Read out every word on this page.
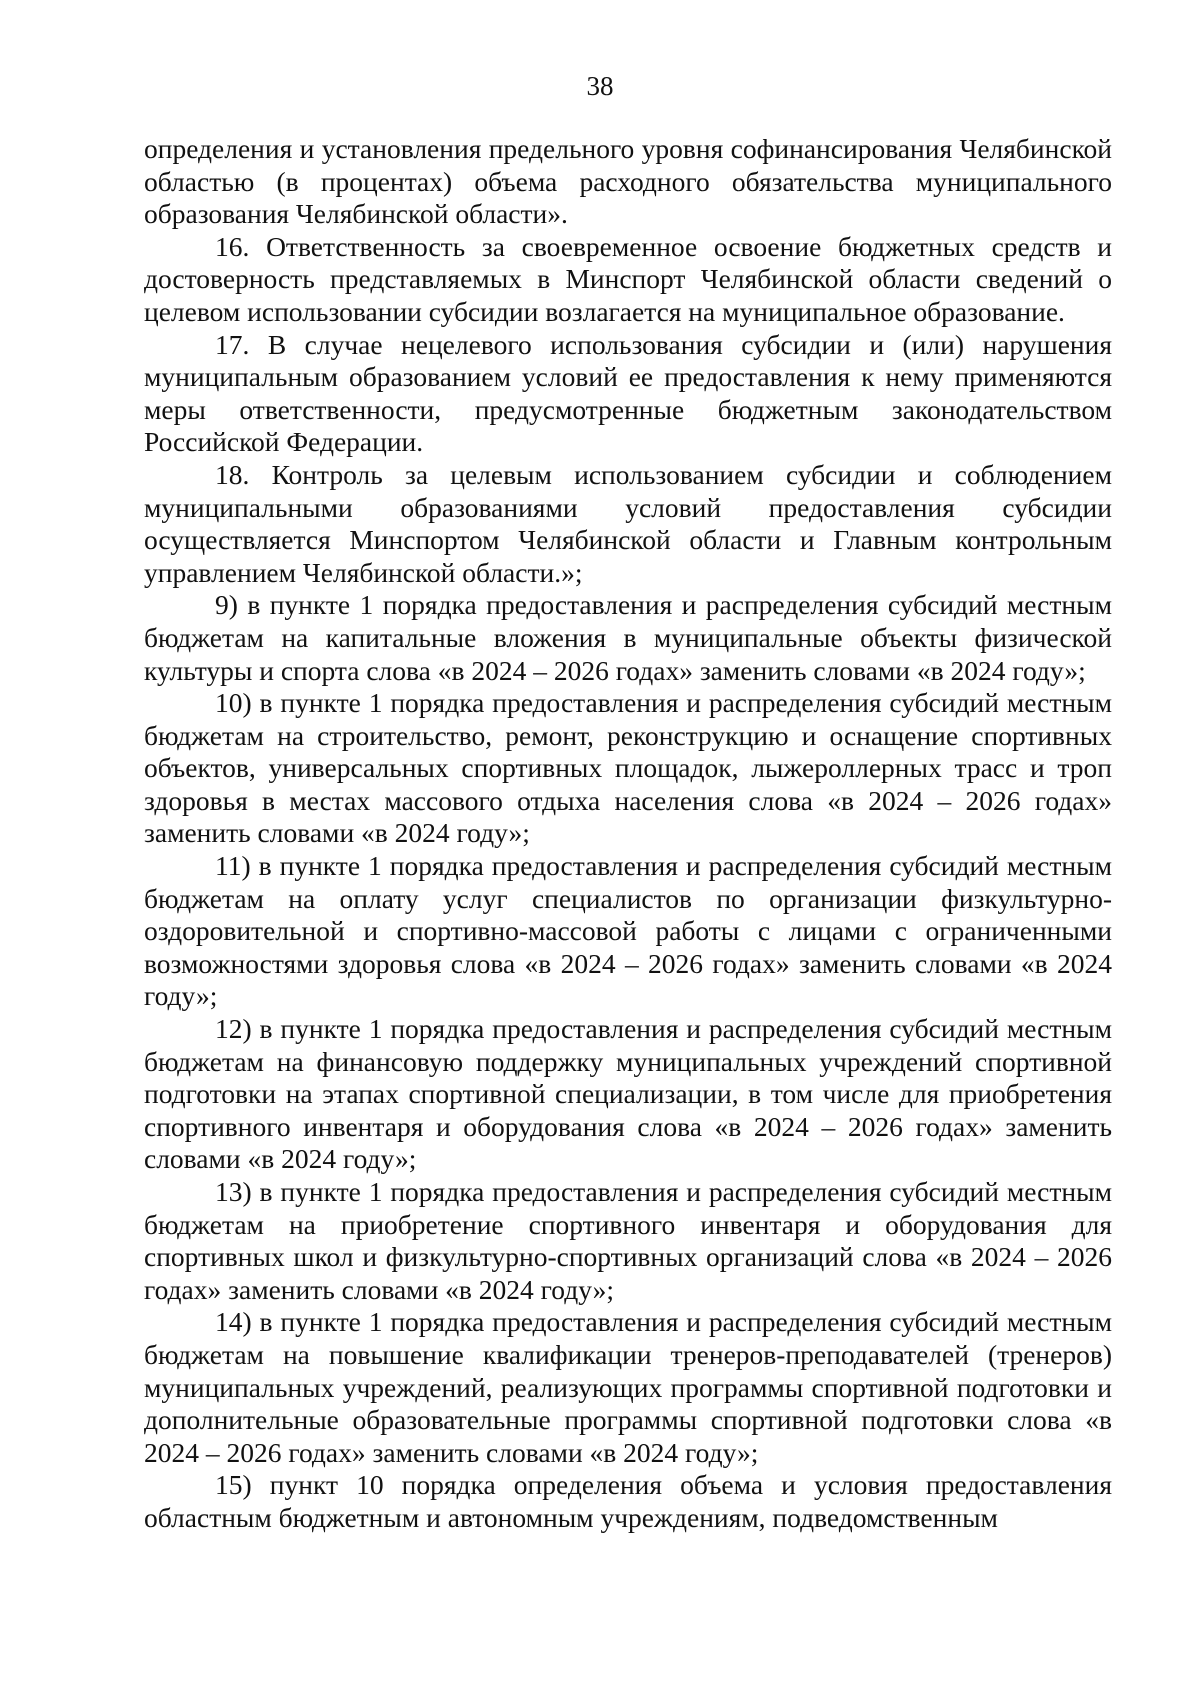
38

определения и установления предельного уровня софинансирования Челябинской областью (в процентах) объема расходного обязательства муниципального образования Челябинской области».

16. Ответственность за своевременное освоение бюджетных средств и достоверность представляемых в Минспорт Челябинской области сведений о целевом использовании субсидии возлагается на муниципальное образование.

17. В случае нецелевого использования субсидии и (или) нарушения муниципальным образованием условий ее предоставления к нему применяются меры ответственности, предусмотренные бюджетным законодательством Российской Федерации.

18. Контроль за целевым использованием субсидии и соблюдением муниципальными образованиями условий предоставления субсидии осуществляется Минспортом Челябинской области и Главным контрольным управлением Челябинской области.»;

9) в пункте 1 порядка предоставления и распределения субсидий местным бюджетам на капитальные вложения в муниципальные объекты физической культуры и спорта слова «в 2024 – 2026 годах» заменить словами «в 2024 году»;

10) в пункте 1 порядка предоставления и распределения субсидий местным бюджетам на строительство, ремонт, реконструкцию и оснащение спортивных объектов, универсальных спортивных площадок, лыжероллерных трасс и троп здоровья в местах массового отдыха населения слова «в 2024 – 2026 годах» заменить словами «в 2024 году»;

11) в пункте 1 порядка предоставления и распределения субсидий местным бюджетам на оплату услуг специалистов по организации физкультурно-оздоровительной и спортивно-массовой работы с лицами с ограниченными возможностями здоровья слова «в 2024 – 2026 годах» заменить словами «в 2024 году»;

12) в пункте 1 порядка предоставления и распределения субсидий местным бюджетам на финансовую поддержку муниципальных учреждений спортивной подготовки на этапах спортивной специализации, в том числе для приобретения спортивного инвентаря и оборудования слова «в 2024 – 2026 годах» заменить словами «в 2024 году»;

13) в пункте 1 порядка предоставления и распределения субсидий местным бюджетам на приобретение спортивного инвентаря и оборудования для спортивных школ и физкультурно-спортивных организаций слова «в 2024 – 2026 годах» заменить словами «в 2024 году»;

14) в пункте 1 порядка предоставления и распределения субсидий местным бюджетам на повышение квалификации тренеров-преподавателей (тренеров) муниципальных учреждений, реализующих программы спортивной подготовки и дополнительные образовательные программы спортивной подготовки слова «в 2024 – 2026 годах» заменить словами «в 2024 году»;

15) пункт 10 порядка определения объема и условия предоставления областным бюджетным и автономным учреждениям, подведомственным
